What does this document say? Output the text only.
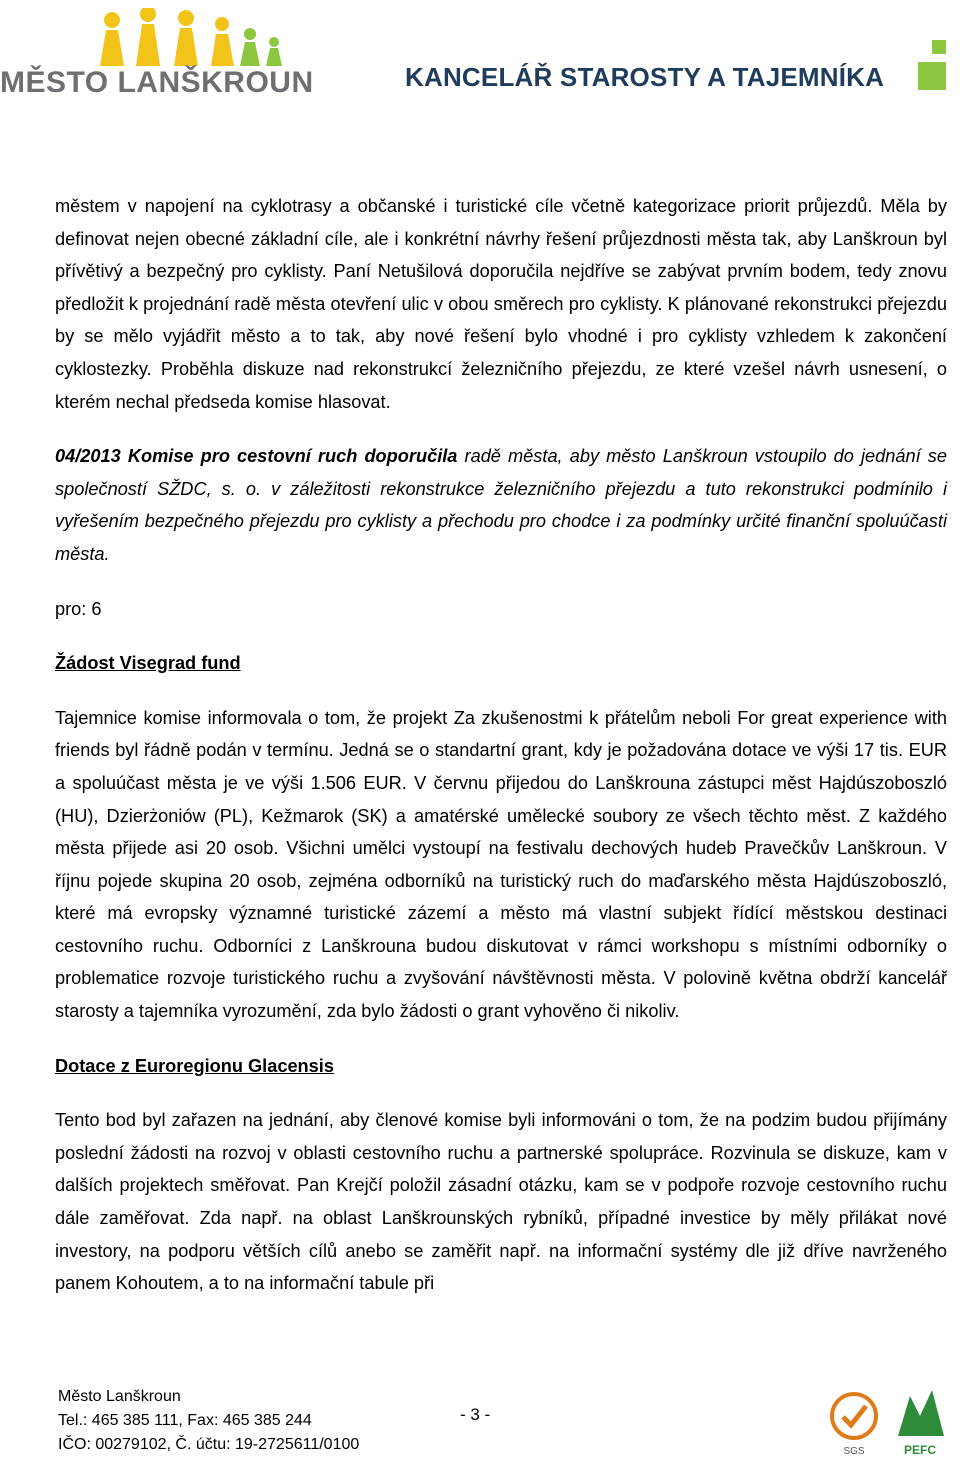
MĚSTO LANŠKROUN	KANCELÁŘ STAROSTY A TAJEMNÍKA

městem v napojení na cyklotrasy a občanské i turistické cíle včetně kategorizace priorit průjezdů. Měla by definovat nejen obecné základní cíle, ale i konkrétní návrhy řešení průjezdnosti města tak, aby Lanškroun byl přívětivý a bezpečný pro cyklisty. Paní Netušilová doporučila nejdříve se zabývat prvním bodem, tedy znovu předložit k projednání radě města otevření ulic v obou směrech pro cyklisty. K plánované rekonstrukci přejezdu by se mělo vyjádřit město a to tak, aby nové řešení bylo vhodné i pro cyklisty vzhledem k zakončení cyklostezky. Proběhla diskuze nad rekonstrukcí železničního přejezdu, ze které vzešel návrh usnesení, o kterém nechal předseda komise hlasovat.

04/2013 Komise pro cestovní ruch doporučila radě města, aby město Lanškroun vstoupilo do jednání se společností SŽDC, s. o. v záležitosti rekonstrukce železničního přejezdu a tuto rekonstrukci podmínilo i vyřešením bezpečného přejezdu pro cyklisty a přechodu pro chodce i za podmínky určité finanční spoluúčasti města.

pro: 6

Žádost Visegrad fund

Tajemnice komise informovala o tom, že projekt Za zkušenostmi k přátelům neboli For great experience with friends byl řádně podán v termínu. Jedná se o standartní grant, kdy je požadována dotace ve výši 17 tis. EUR a spoluúčast města je ve výši 1.506 EUR. V červnu přijedou do Lanškrouna zástupci měst Hajdúszoboszló (HU), Dzierżoniów (PL), Kežmarok (SK) a amatérské umělecké soubory ze všech těchto měst. Z každého města přijede asi 20 osob. Všichni umělci vystoupí na festivalu dechových hudeb Pravečkův Lanškroun. V říjnu pojede skupina 20 osob, zejména odborníků na turistický ruch do maďarského města Hajdúszoboszló, které má evropsky významné turistické zázemí a město má vlastní subjekt řídící městskou destinaci cestovního ruchu. Odborníci z Lanškrouna budou diskutovat v rámci workshopu s místními odborníky o problematice rozvoje turistického ruchu a zvyšování návštěvnosti města. V polovině května obdrží kancelář starosty a tajemníka vyrozumění, zda bylo žádosti o grant vyhověno či nikoliv.

Dotace z Euroregionu Glacensis

Tento bod byl zařazen na jednání, aby členové komise byli informováni o tom, že na podzim budou přijímány poslední žádosti na rozvoj v oblasti cestovního ruchu a partnerské spolupráce. Rozvinula se diskuze, kam v dalších projektech směřovat. Pan Krejčí položil zásadní otázku, kam se v podpoře rozvoje cestovního ruchu dále zaměřovat. Zda např. na oblast Lanškrounských rybníků, případné investice by měly přilákat nové investory, na podporu větších cílů anebo se zaměřit např. na informační systémy dle již dříve navrženého panem Kohoutem, a to na informační tabule při

Město Lanškroun
Tel.: 465 385 111, Fax: 465 385 244
IČO: 00279102, Č. účtu: 19-2725611/0100
- 3 -
SGS	PEFC
